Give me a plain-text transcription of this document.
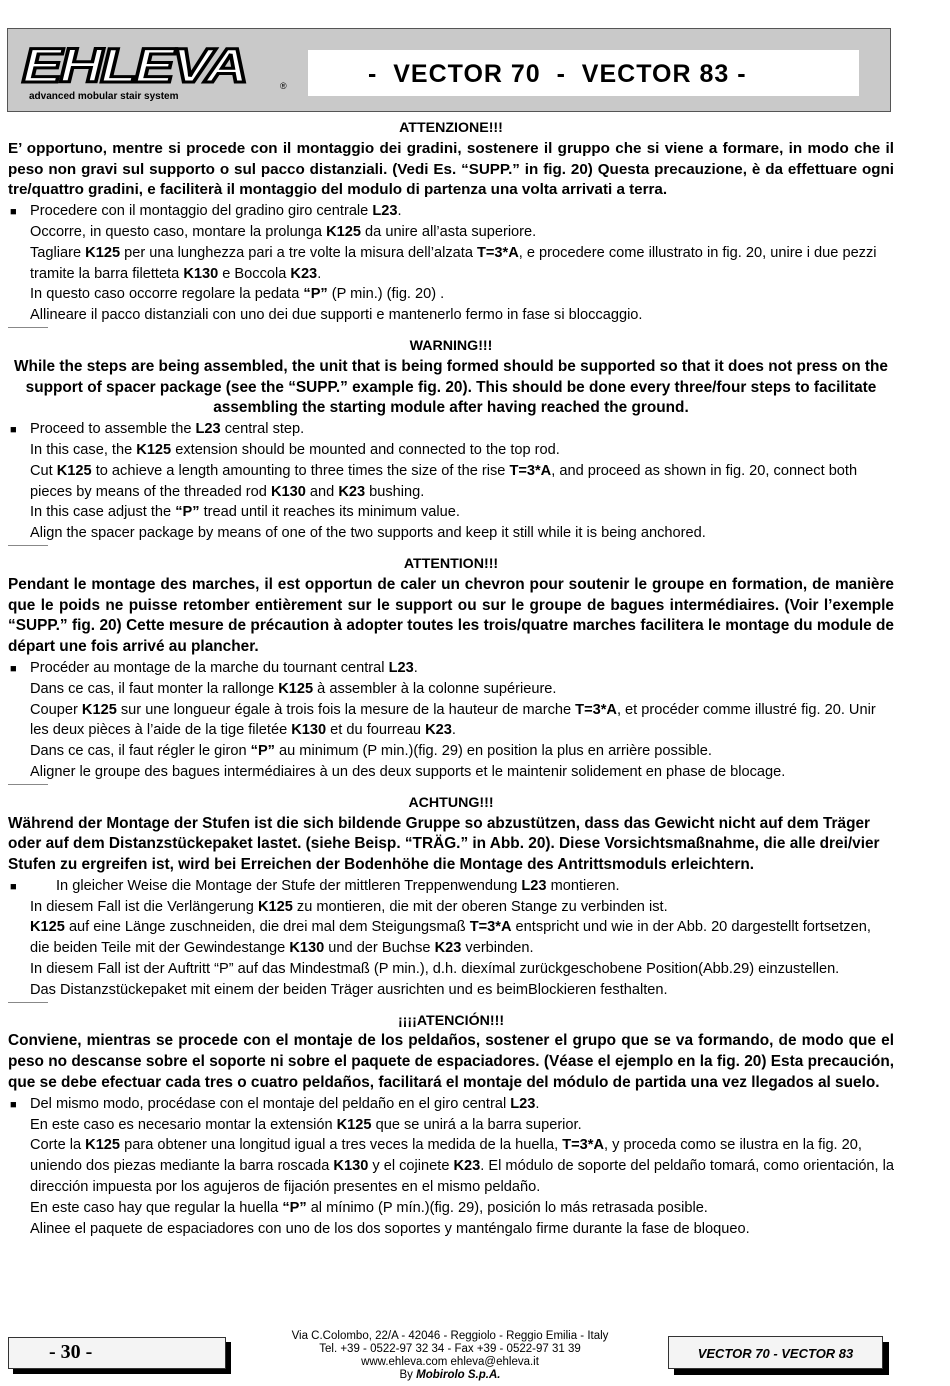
EHLEVA	®
advanced mobular stair system
-  VECTOR 70  -  VECTOR 83 -
ATTENZIONE!!!
E’ opportuno, mentre si procede con il montaggio dei gradini, sostenere il gruppo che si viene a formare, in modo che il peso non gravi sul supporto o sul pacco distanziali. (Vedi Es. “SUPP.” in fig. 20) Questa precauzione, è da effettuare ogni tre/quattro gradini, e faciliterà il montaggio del modulo di partenza una volta arrivati a terra.
■ Procedere con il montaggio del gradino giro centrale L23.
Occorre, in questo caso, montare la prolunga K125 da unire all’asta superiore.
Tagliare K125 per una lunghezza pari a tre volte la misura dell’alzata T=3*A, e procedere come illustrato in fig. 20, unire i due pezzi tramite la barra filetteta K130 e Boccola K23.
In questo caso occorre regolare la pedata “P” (P min.) (fig. 20) .
Allineare il pacco distanziali con uno dei due supporti e mantenerlo fermo in fase si bloccaggio.
WARNING!!!
While the steps are being assembled, the unit that is being formed should be supported so that it does not press on the support of spacer package (see the “SUPP.” example fig. 20). This should be done every three/four steps to facilitate assembling the starting module after having reached the ground.
■ Proceed to assemble the L23 central step.
In this case, the K125 extension should be mounted and connected to the top rod.
Cut K125 to achieve a length amounting to three times the size of the rise T=3*A, and proceed as shown in fig. 20, connect both pieces by means of the threaded rod K130 and K23 bushing.
In this case adjust the “P” tread until it reaches its minimum value.
Align the spacer package by means of one of the two supports and keep it still while it is being anchored.
ATTENTION!!!
Pendant le montage des marches, il est opportun de caler un chevron pour soutenir le groupe en formation, de manière que le poids ne puisse retomber entièrement sur le support ou sur le groupe de bagues intermédiaires. (Voir l’exemple “SUPP.” fig. 20) Cette mesure de précaution à adopter toutes les trois/quatre marches facilitera le montage du module de départ une fois arrivé au plancher.
■ Procéder au montage de la marche du tournant central L23.
Dans ce cas, il faut monter la rallonge K125 à assembler à la colonne supérieure.
Couper K125 sur une longueur égale à trois fois la mesure de la hauteur de marche T=3*A, et procéder comme illustré fig. 20. Unir les deux pièces à l’aide de la tige filetée K130 et du fourreau K23.
Dans ce cas, il faut régler le giron “P” au minimum (P min.)(fig. 29) en position la plus en arrière possible.
Aligner le groupe des bagues intermédiaires à un des deux supports et le maintenir solidement en phase de blocage.
ACHTUNG!!!
Während der Montage der Stufen ist die sich bildende Gruppe so abzustützen, dass das Gewicht nicht auf dem Träger oder auf dem Distanzstückepaket lastet. (siehe Beisp. “TRÄG.” in Abb. 20). Diese Vorsichtsmaßnahme, die alle drei/vier Stufen zu ergreifen ist, wird bei Erreichen der Bodenhöhe die Montage des Antrittsmoduls erleichtern.
■	In gleicher Weise die Montage der Stufe der mittleren Treppenwendung L23 montieren.
In diesem Fall ist die Verlängerung K125 zu montieren, die mit der oberen Stange zu verbinden ist.
K125 auf eine Länge zuschneiden, die drei mal dem Steigungsmaß T=3*A entspricht und wie in der Abb. 20 dargestellt fortsetzen, die beiden Teile mit der Gewindestange K130 und der Buchse K23 verbinden.
In diesem Fall ist der Auftritt “P” auf das Mindestmaß (P min.), d.h. diexímal zurückgeschobene Position(Abb.29) einzustellen.
Das Distanzstückepaket mit einem der beiden Träger ausrichten und es beimBlockieren festhalten.
¡¡¡¡ATENCIÓN!!!
Conviene, mientras se procede con el montaje de los peldaños, sostener el grupo que se va formando, de modo que el peso no descanse sobre el soporte ni sobre el paquete de espaciadores. (Véase el ejemplo en la fig. 20) Esta precaución, que se debe efectuar cada tres o cuatro peldaños, facilitará el montaje del módulo de partida una vez llegados al suelo.
■ Del mismo modo, procédase con el montaje del peldaño en el giro central L23.
En este caso es necesario montar la extensión K125 que se unirá a la barra superior.
Corte la K125 para obtener una longitud igual a tres veces la medida de la huella, T=3*A, y proceda como se ilustra en la fig. 20, uniendo dos piezas mediante la barra roscada K130 y el cojinete K23. El módulo de soporte del peldaño tomará, como orientación, la dirección impuesta por los agujeros de fijación presentes en el mismo peldaño.
En este caso hay que regular la huella “P” al mínimo (P mín.)(fig. 29), posición lo más retrasada posible.
Alinee el paquete de espaciadores con uno de los dos soportes y manténgalo firme durante la fase de bloqueo.
- 30 -
Via C.Colombo, 22/A - 42046 - Reggiolo - Reggio Emilia - Italy
Tel. +39 - 0522-97 32 34 - Fax +39 - 0522-97 31 39
www.ehleva.com ehleva@ehleva.it
By Mobirolo S.p.A.
VECTOR 70 - VECTOR 83
